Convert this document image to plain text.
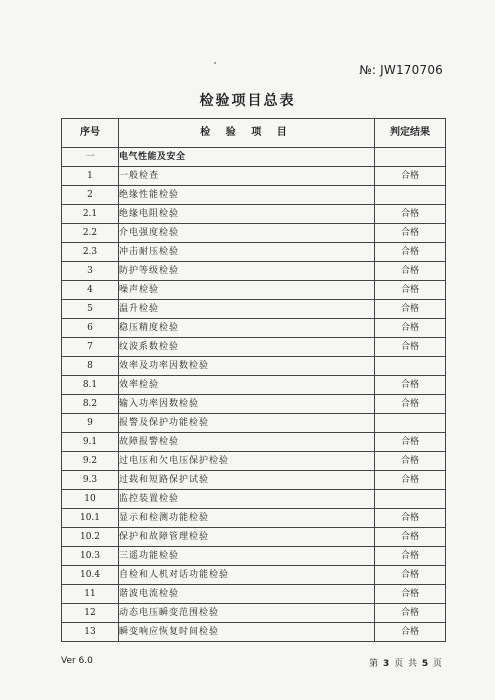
№: JW170706
检验项目总表
序号	检 验 项 目	判定结果
一	电气性能及安全	
1	一般检查	合格
2	绝缘性能检验	
2.1	绝缘电阻检验	合格
2.2	介电强度检验	合格
2.3	冲击耐压检验	合格
3	防护等级检验	合格
4	噪声检验	合格
5	温升检验	合格
6	稳压精度检验	合格
7	纹波系数检验	合格
8	效率及功率因数检验	
8.1	效率检验	合格
8.2	输入功率因数检验	合格
9	报警及保护功能检验	
9.1	故障报警检验	合格
9.2	过电压和欠电压保护检验	合格
9.3	过载和短路保护试验	合格
10	监控装置检验	
10.1	显示和检测功能检验	合格
10.2	保护和故障管理检验	合格
10.3	三遥功能检验	合格
10.4	自检和人机对话功能检验	合格
11	谐波电流检验	合格
12	动态电压瞬变范围检验	合格
13	瞬变响应恢复时间检验	合格
Ver 6.0	第 3 页 共 5 页
